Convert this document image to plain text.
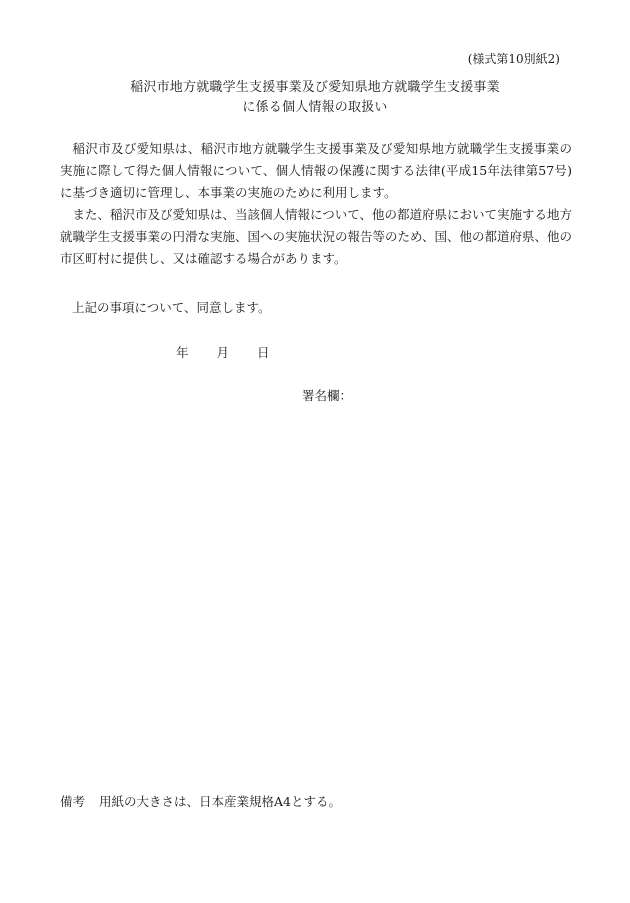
(様式第10別紙2)
稲沢市地方就職学生支援事業及び愛知県地方就職学生支援事業
に係る個人情報の取扱い
稲沢市及び愛知県は、稲沢市地方就職学生支援事業及び愛知県地方就職学生支援事業の実施に際して得た個人情報について、個人情報の保護に関する法律(平成15年法律第57号)に基づき適切に管理し、本事業の実施のために利用します。
また、稲沢市及び愛知県は、当該個人情報について、他の都道府県において実施する地方就職学生支援事業の円滑な実施、国への実施状況の報告等のため、国、他の都道府県、他の市区町村に提供し、又は確認する場合があります。
上記の事項について、同意します。
年 月 日
署名欄：
備考 用紙の大きさは、日本産業規格A4とする。
